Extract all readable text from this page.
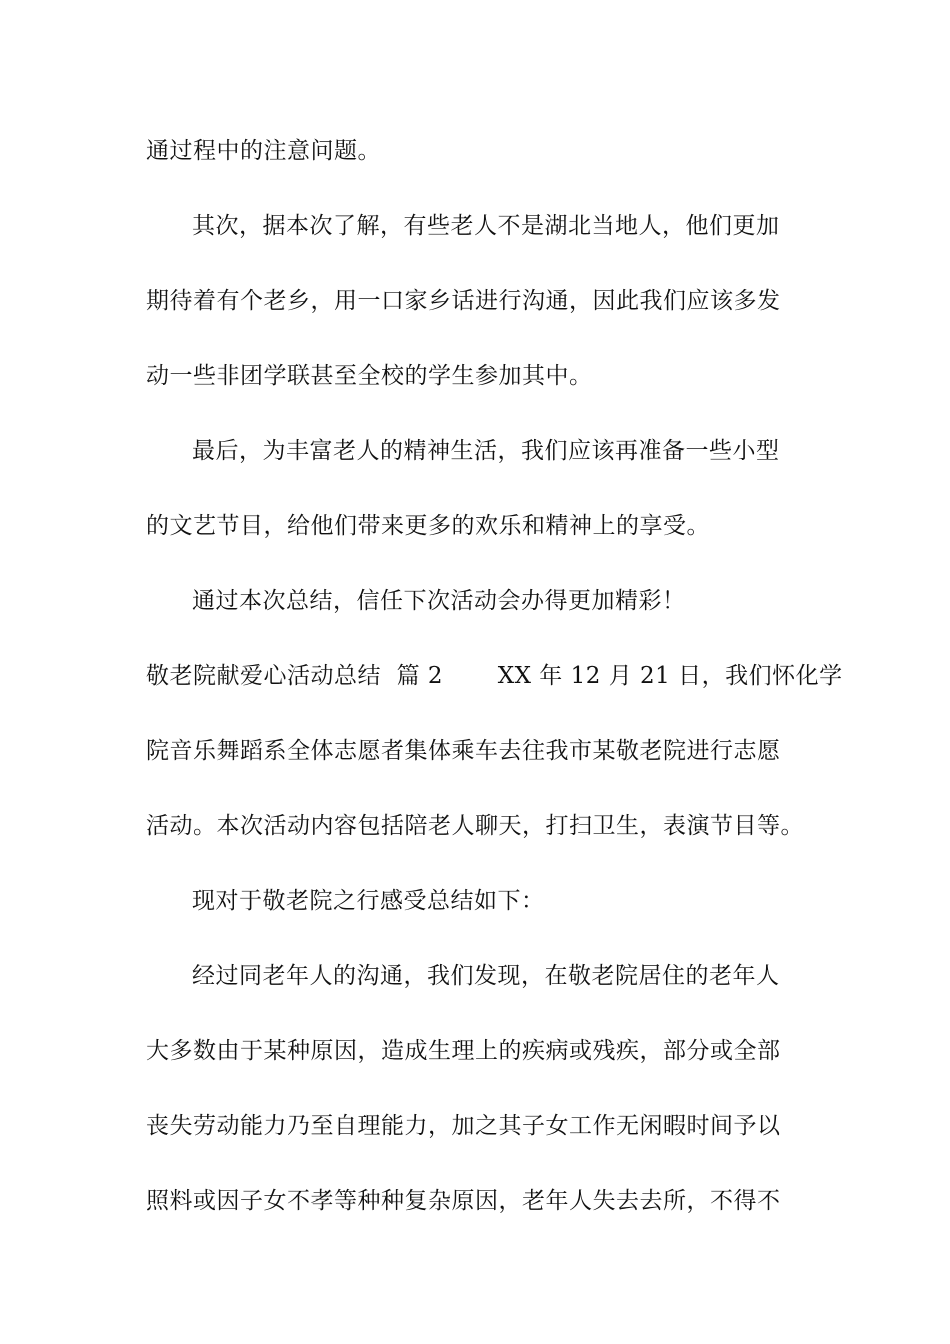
通过程中的注意问题。
其次，据本次了解，有些老人不是湖北当地人，他们更加
期待着有个老乡，用一口家乡话进行沟通，因此我们应该多发
动一些非团学联甚至全校的学生参加其中。
最后，为丰富老人的精神生活，我们应该再准备一些小型
的文艺节目，给他们带来更多的欢乐和精神上的享受。
通过本次总结，信任下次活动会办得更加精彩！
敬老院献爱心活动总结  篇 2       XX 年 12 月 21 日，我们怀化学
院音乐舞蹈系全体志愿者集体乘车去往我市某敬老院进行志愿
活动。本次活动内容包括陪老人聊天，打扫卫生，表演节目等。
现对于敬老院之行感受总结如下：
经过同老年人的沟通，我们发现，在敬老院居住的老年人
大多数由于某种原因，造成生理上的疾病或残疾，部分或全部
丧失劳动能力乃至自理能力，加之其子女工作无闲暇时间予以
照料或因子女不孝等种种复杂原因，老年人失去去所，不得不
